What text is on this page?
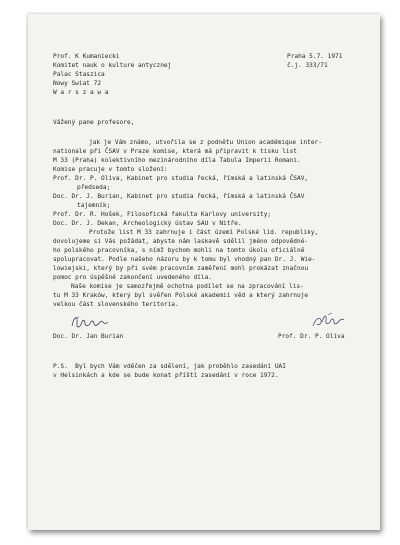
Prof. K Kumaniecki
Komitet nauk o kulture antycznej
Palac Staszica
Nowy Swiat 72
W a r s z a w a
Praha 5.7. 1971
č.j. 333/71
Vážený pane profesore,
jak je Vám známo, utvořila se z podnětu Union académique inter-
nationale při ČSAV v Praze komise, která má připravit k tisku list
M 33 (Praha) kolektivního mezinárodního díla Tabula Imperii Romani.
Komise pracuje v tomto složení:
Prof. Dr. P. Oliva, Kabinet pro studia řecká, římská a latinská ČSAV,
předseda;
Doc. Dr. J. Burian, Kabinet pro studia řecká, římská a latinská ČSAV
tajemník;
Prof. Dr. R. Hošek, Filosofická fakulta Karlovy university;
Doc. Dr. J. Dekan, Archeologický ústav SAU v Nitře.
Protože list M 33 zahrnuje i část území Polské lid. republiky,
dovolujeme si Vás požádat, abyste nám laskavě sdělil jméno odpovědné-
ho polského pracovníka, s nímž bychom mohli na tomto úkolu oficiálně
spolupracovat. Podle našeho názoru by k tomu byl vhodný pan Dr. J. Wie-
lowiejski, který by při svém pracovním zaměření mohl prokázat značnou
pomoc pro úspěšné zakončení uvedeného díla.
Naše komise je samozřejmě ochotna podílet se na zpracování lis-
tu M 33 Kraków, který byl svěřen Polské akademii věd a který zahrnuje
velkou část slovenského teritoria.
Doc. Dr. Jan Burian	Prof. Dr. P. Oliva
P.S.  Byl bych Vám vděčen za sdělení, jak proběhlo zasedání UAI
v Helsinkách a kde se bude konat příští zasedání v roce 1972.
